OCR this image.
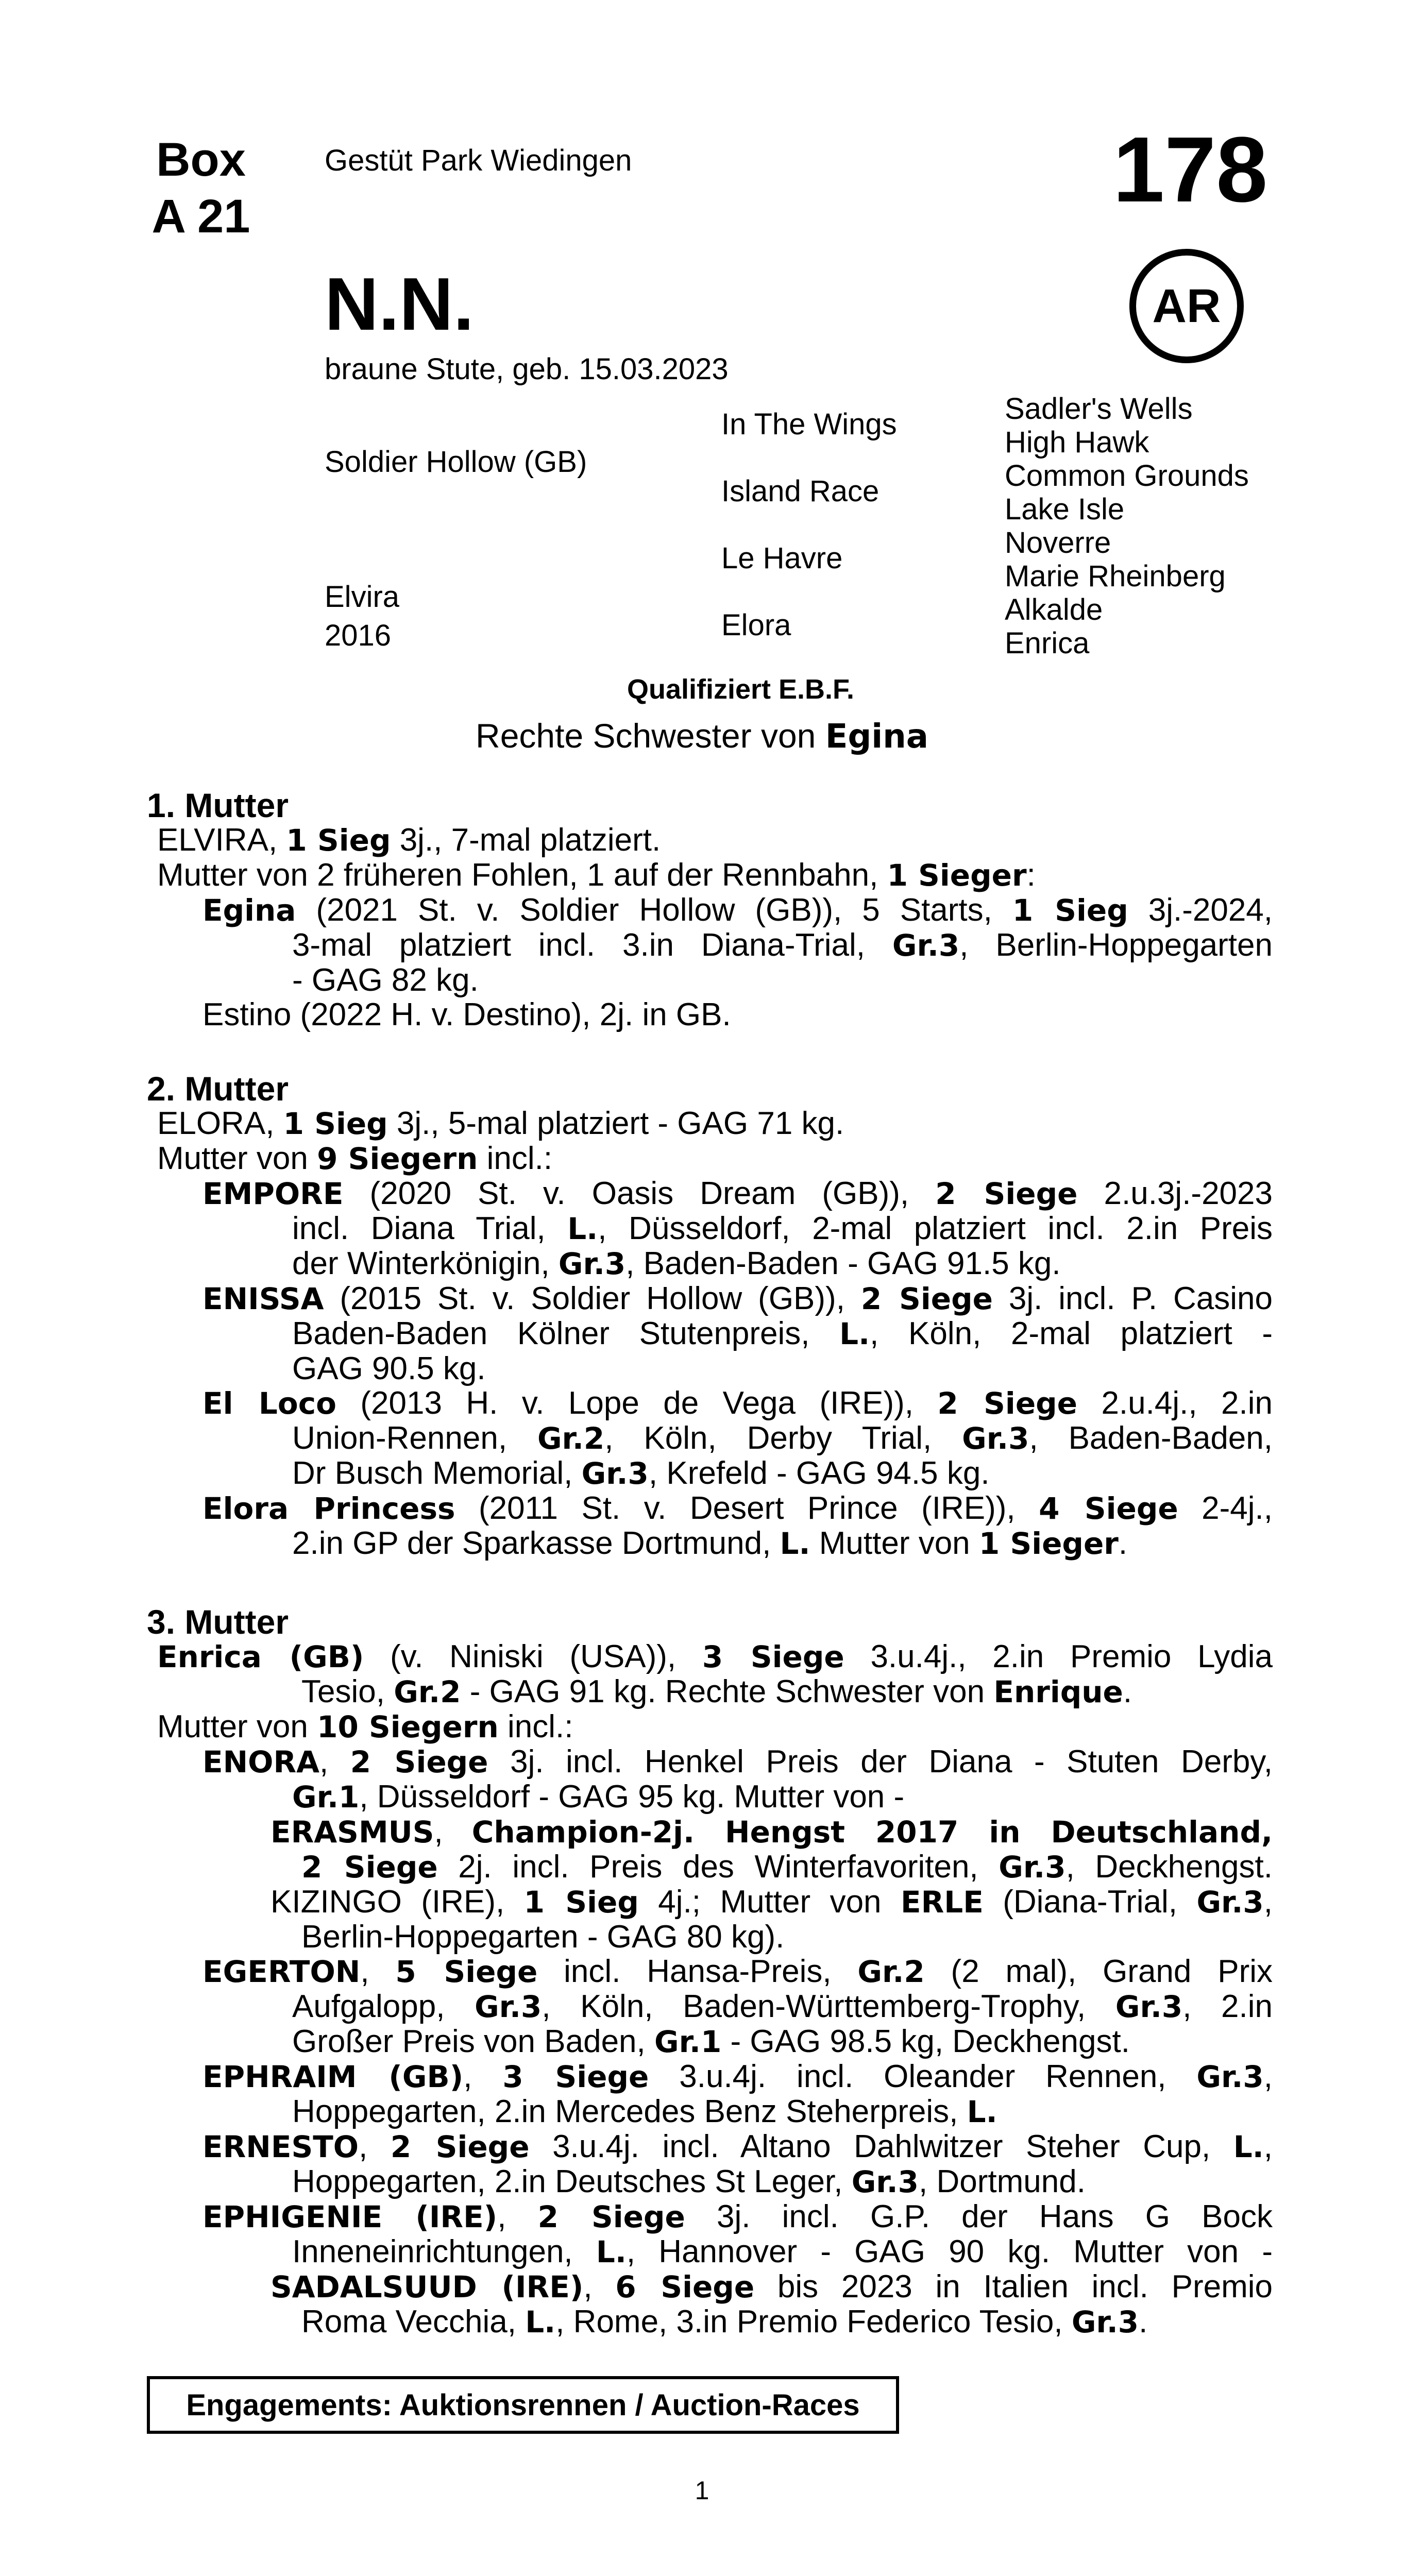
Box
A 21
Gestüt Park Wiedingen	178
AR
N.N.
braune Stute, geb. 15.03.2023
Soldier Hollow (GB)
Elvira
2016
In The Wings
Island Race
Le Havre
Elora
Sadler's Wells
High Hawk
Common Grounds
Lake Isle
Noverre
Marie Rheinberg
Alkalde
Enrica
Qualifiziert E.B.F.
Rechte Schwester von Egina
1. Mutter
ELVIRA, 1 Sieg 3j., 7-mal platziert.
Mutter von 2 früheren Fohlen, 1 auf der Rennbahn, 1 Sieger:
Egina (2021 St. v. Soldier Hollow (GB)), 5 Starts, 1 Sieg 3j.-2024,
3-mal platziert incl. 3.in Diana-Trial, Gr.3, Berlin-Hoppegarten
- GAG 82 kg.
Estino (2022 H. v. Destino), 2j. in GB.
2. Mutter
ELORA, 1 Sieg 3j., 5-mal platziert - GAG 71 kg.
Mutter von 9 Siegern incl.:
EMPORE (2020 St. v. Oasis Dream (GB)), 2 Siege 2.u.3j.-2023
incl. Diana Trial, L., Düsseldorf, 2-mal platziert incl. 2.in Preis
der Winterkönigin, Gr.3, Baden-Baden - GAG 91.5 kg.
ENISSA (2015 St. v. Soldier Hollow (GB)), 2 Siege 3j. incl. P. Casino
Baden-Baden Kölner Stutenpreis, L., Köln, 2-mal platziert -
GAG 90.5 kg.
El Loco (2013 H. v. Lope de Vega (IRE)), 2 Siege 2.u.4j., 2.in
Union-Rennen, Gr.2, Köln, Derby Trial, Gr.3, Baden-Baden,
Dr Busch Memorial, Gr.3, Krefeld - GAG 94.5 kg.
Elora Princess (2011 St. v. Desert Prince (IRE)), 4 Siege 2-4j.,
2.in GP der Sparkasse Dortmund, L. Mutter von 1 Sieger.
3. Mutter
Enrica (GB) (v. Niniski (USA)), 3 Siege 3.u.4j., 2.in Premio Lydia
Tesio, Gr.2 - GAG 91 kg. Rechte Schwester von Enrique.
Mutter von 10 Siegern incl.:
ENORA, 2 Siege 3j. incl. Henkel Preis der Diana - Stuten Derby,
Gr.1, Düsseldorf - GAG 95 kg. Mutter von -
ERASMUS, Champion-2j. Hengst 2017 in Deutschland,
2 Siege 2j. incl. Preis des Winterfavoriten, Gr.3, Deckhengst.
KIZINGO (IRE), 1 Sieg 4j.; Mutter von ERLE (Diana-Trial, Gr.3,
Berlin-Hoppegarten - GAG 80 kg).
EGERTON, 5 Siege incl. Hansa-Preis, Gr.2 (2 mal), Grand Prix
Aufgalopp, Gr.3, Köln, Baden-Württemberg-Trophy, Gr.3, 2.in
Großer Preis von Baden, Gr.1 - GAG 98.5 kg, Deckhengst.
EPHRAIM (GB), 3 Siege 3.u.4j. incl. Oleander Rennen, Gr.3,
Hoppegarten, 2.in Mercedes Benz Steherpreis, L.
ERNESTO, 2 Siege 3.u.4j. incl. Altano Dahlwitzer Steher Cup, L.,
Hoppegarten, 2.in Deutsches St Leger, Gr.3, Dortmund.
EPHIGENIE (IRE), 2 Siege 3j. incl. G.P. der Hans G Bock
Inneneinrichtungen, L., Hannover - GAG 90 kg. Mutter von -
SADALSUUD (IRE), 6 Siege bis 2023 in Italien incl. Premio
Roma Vecchia, L., Rome, 3.in Premio Federico Tesio, Gr.3.
Engagements: Auktionsrennen / Auction-Races
1
